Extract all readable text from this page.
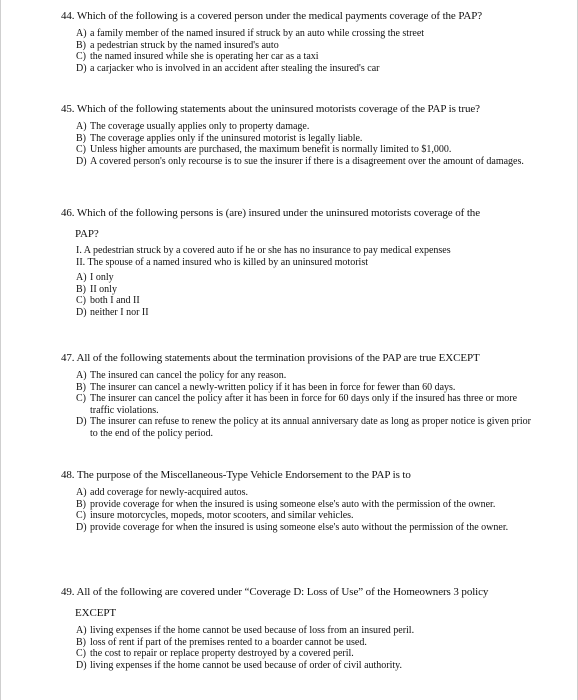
44. Which of the following is a covered person under the medical payments coverage of the PAP?
A) a family member of the named insured if struck by an auto while crossing the street
B) a pedestrian struck by the named insured's auto
C) the named insured while she is operating her car as a taxi
D) a carjacker who is involved in an accident after stealing the insured's car
45. Which of the following statements about the uninsured motorists coverage of the PAP is true?
A) The coverage usually applies only to property damage.
B) The coverage applies only if the uninsured motorist is legally liable.
C) Unless higher amounts are purchased, the maximum benefit is normally limited to $1,000.
D) A covered person's only recourse is to sue the insurer if there is a disagreement over the amount of damages.
46. Which of the following persons is (are) insured under the uninsured motorists coverage of the
PAP?
I. A pedestrian struck by a covered auto if he or she has no insurance to pay medical expenses
II. The spouse of a named insured who is killed by an uninsured motorist
A) I only
B) II only
C) both I and II
D) neither I nor II
47. All of the following statements about the termination provisions of the PAP are true EXCEPT
A) The insured can cancel the policy for any reason.
B) The insurer can cancel a newly-written policy if it has been in force for fewer than 60 days.
C) The insurer can cancel the policy after it has been in force for 60 days only if the insured has three or more traffic violations.
D) The insurer can refuse to renew the policy at its annual anniversary date as long as proper notice is given prior to the end of the policy period.
48. The purpose of the Miscellaneous-Type Vehicle Endorsement to the PAP is to
A) add coverage for newly-acquired autos.
B) provide coverage for when the insured is using someone else's auto with the permission of the owner.
C) insure motorcycles, mopeds, motor scooters, and similar vehicles.
D) provide coverage for when the insured is using someone else's auto without the permission of the owner.
49. All of the following are covered under “Coverage D: Loss of Use” of the Homeowners 3 policy
EXCEPT
A) living expenses if the home cannot be used because of loss from an insured peril.
B) loss of rent if part of the premises rented to a boarder cannot be used.
C) the cost to repair or replace property destroyed by a covered peril.
D) living expenses if the home cannot be used because of order of civil authority.
